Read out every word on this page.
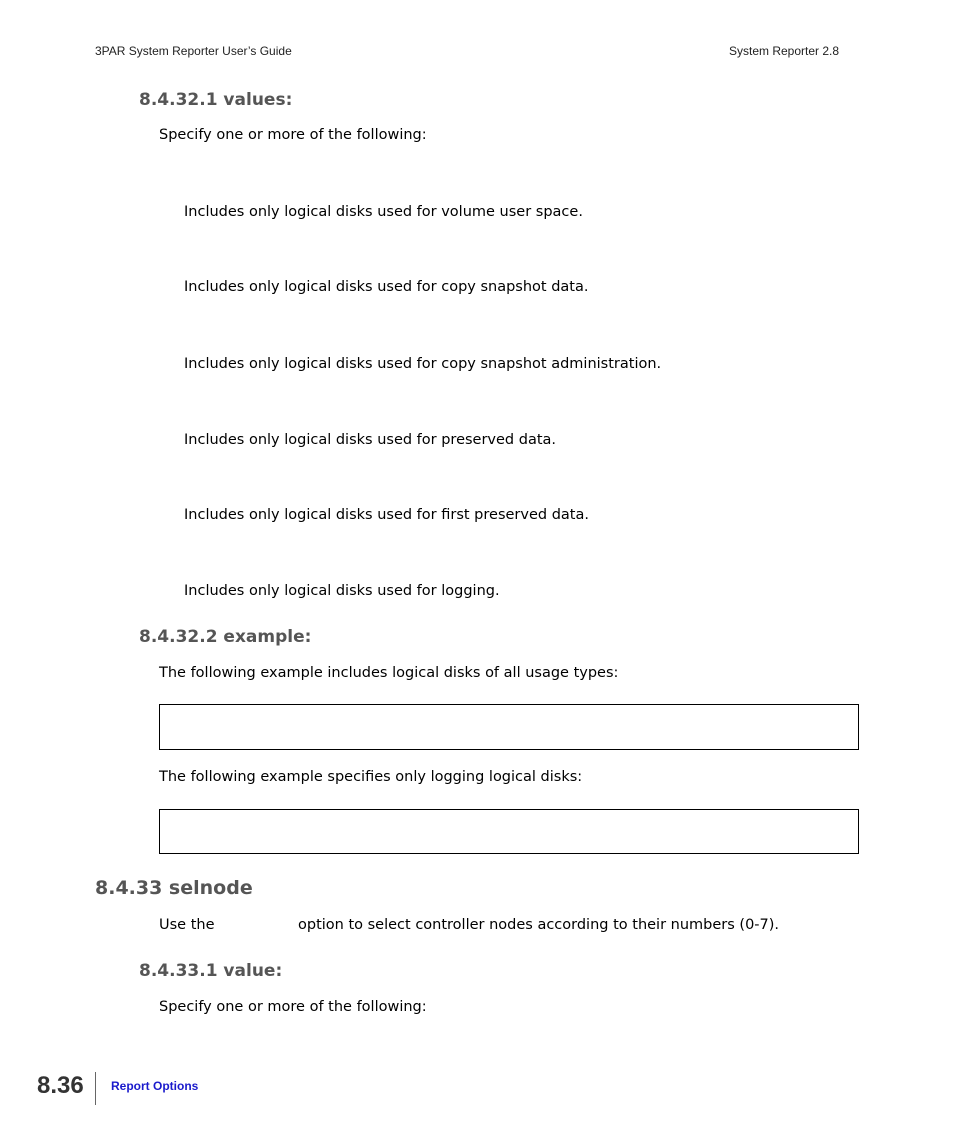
3PAR System Reporter User’s Guide	System Reporter 2.8
8.4.32.1 values:
Specify one or more of the following:
Includes only logical disks used for volume user space.
Includes only logical disks used for copy snapshot data.
Includes only logical disks used for copy snapshot administration.
Includes only logical disks used for preserved data.
Includes only logical disks used for first preserved data.
Includes only logical disks used for logging.
8.4.32.2 example:
The following example includes logical disks of all usage types:
The following example specifies only logging logical disks:
8.4.33 selnode
Use the	option to select controller nodes according to their numbers (0-7).
8.4.33.1 value:
Specify one or more of the following:
8.36 Report Options
